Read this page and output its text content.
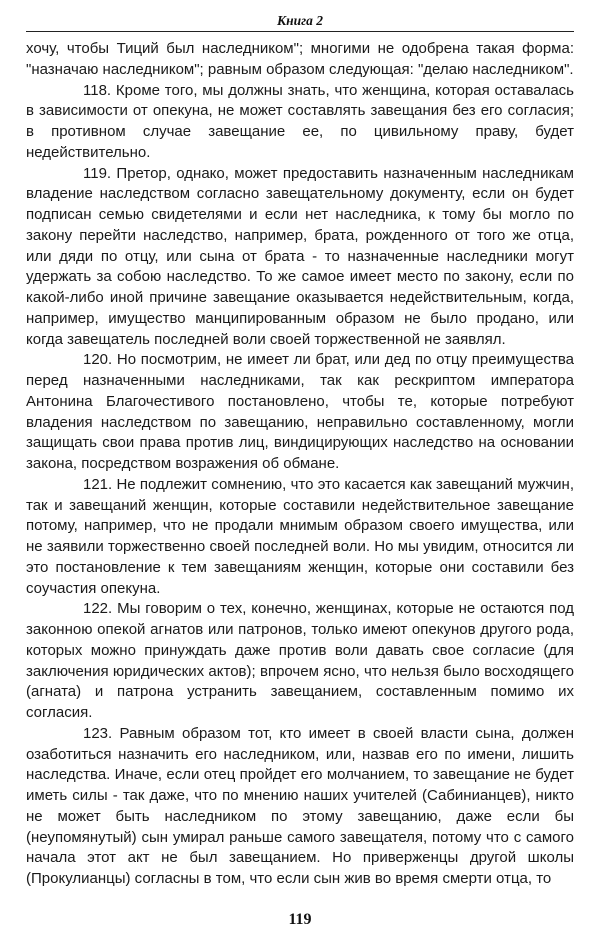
Книга 2

хочу, чтобы Тиций был наследником"; многими не одобрена такая форма: "назначаю наследником"; равным образом следующая: "делаю наследником".

118. Кроме того, мы должны знать, что женщина, которая оставалась в зависимости от опекуна, не может составлять завещания без его согласия; в противном случае завещание ее, по цивильному праву, будет недействительно.

119. Претор, однако, может предоставить назначенным наследникам владение наследством согласно завещательному документу, если он будет подписан семью свидетелями и если нет наследника, к тому бы могло по закону перейти наследство, например, брата, рожденного от того же отца, или дяди по отцу, или сына от брата - то назначенные наследники могут удержать за собою наследство. То же самое имеет место по закону, если по какой-либо иной причине завещание оказывается недействительным, когда, например, имущество манципированным образом не было продано, или когда завещатель последней воли своей торжественной не заявлял.

120. Но посмотрим, не имеет ли брат, или дед по отцу преимущества перед назначенными наследниками, так как рескриптом императора Антонина Благочестивого постановлено, чтобы те, которые потребуют владения наследством по завещанию, неправильно составленному, могли защищать свои права против лиц, виндицирующих наследство на основании закона, посредством возражения об обмане.

121. Не подлежит сомнению, что это касается как завещаний мужчин, так и завещаний женщин, которые составили недействительное завещание потому, например, что не продали мнимым образом своего имущества, или не заявили торжественно своей последней воли. Но мы увидим, относится ли это постановление к тем завещаниям женщин, которые они составили без соучастия опекуна.

122. Мы говорим о тех, конечно, женщинах, которые не остаются под законною опекой агнатов или патронов, только имеют опекунов другого рода, которых можно принуждать даже против воли давать свое согласие (для заключения юридических актов); впрочем ясно, что нельзя было восходящего (агната) и патрона устранить завещанием, составленным помимо их согласия.

123. Равным образом тот, кто имеет в своей власти сына, должен озаботиться назначить его наследником, или, назвав его по имени, лишить наследства. Иначе, если отец пройдет его молчанием, то завещание не будет иметь силы - так даже, что по мнению наших учителей (Сабинианцев), никто не может быть наследником по этому завещанию, даже если бы (неупомянутый) сын умирал раньше самого завещателя, потому что с самого начала этот акт не был завещанием. Но приверженцы другой школы (Прокулианцы) согласны в том, что если сын жив во время смерти отца, то

119
